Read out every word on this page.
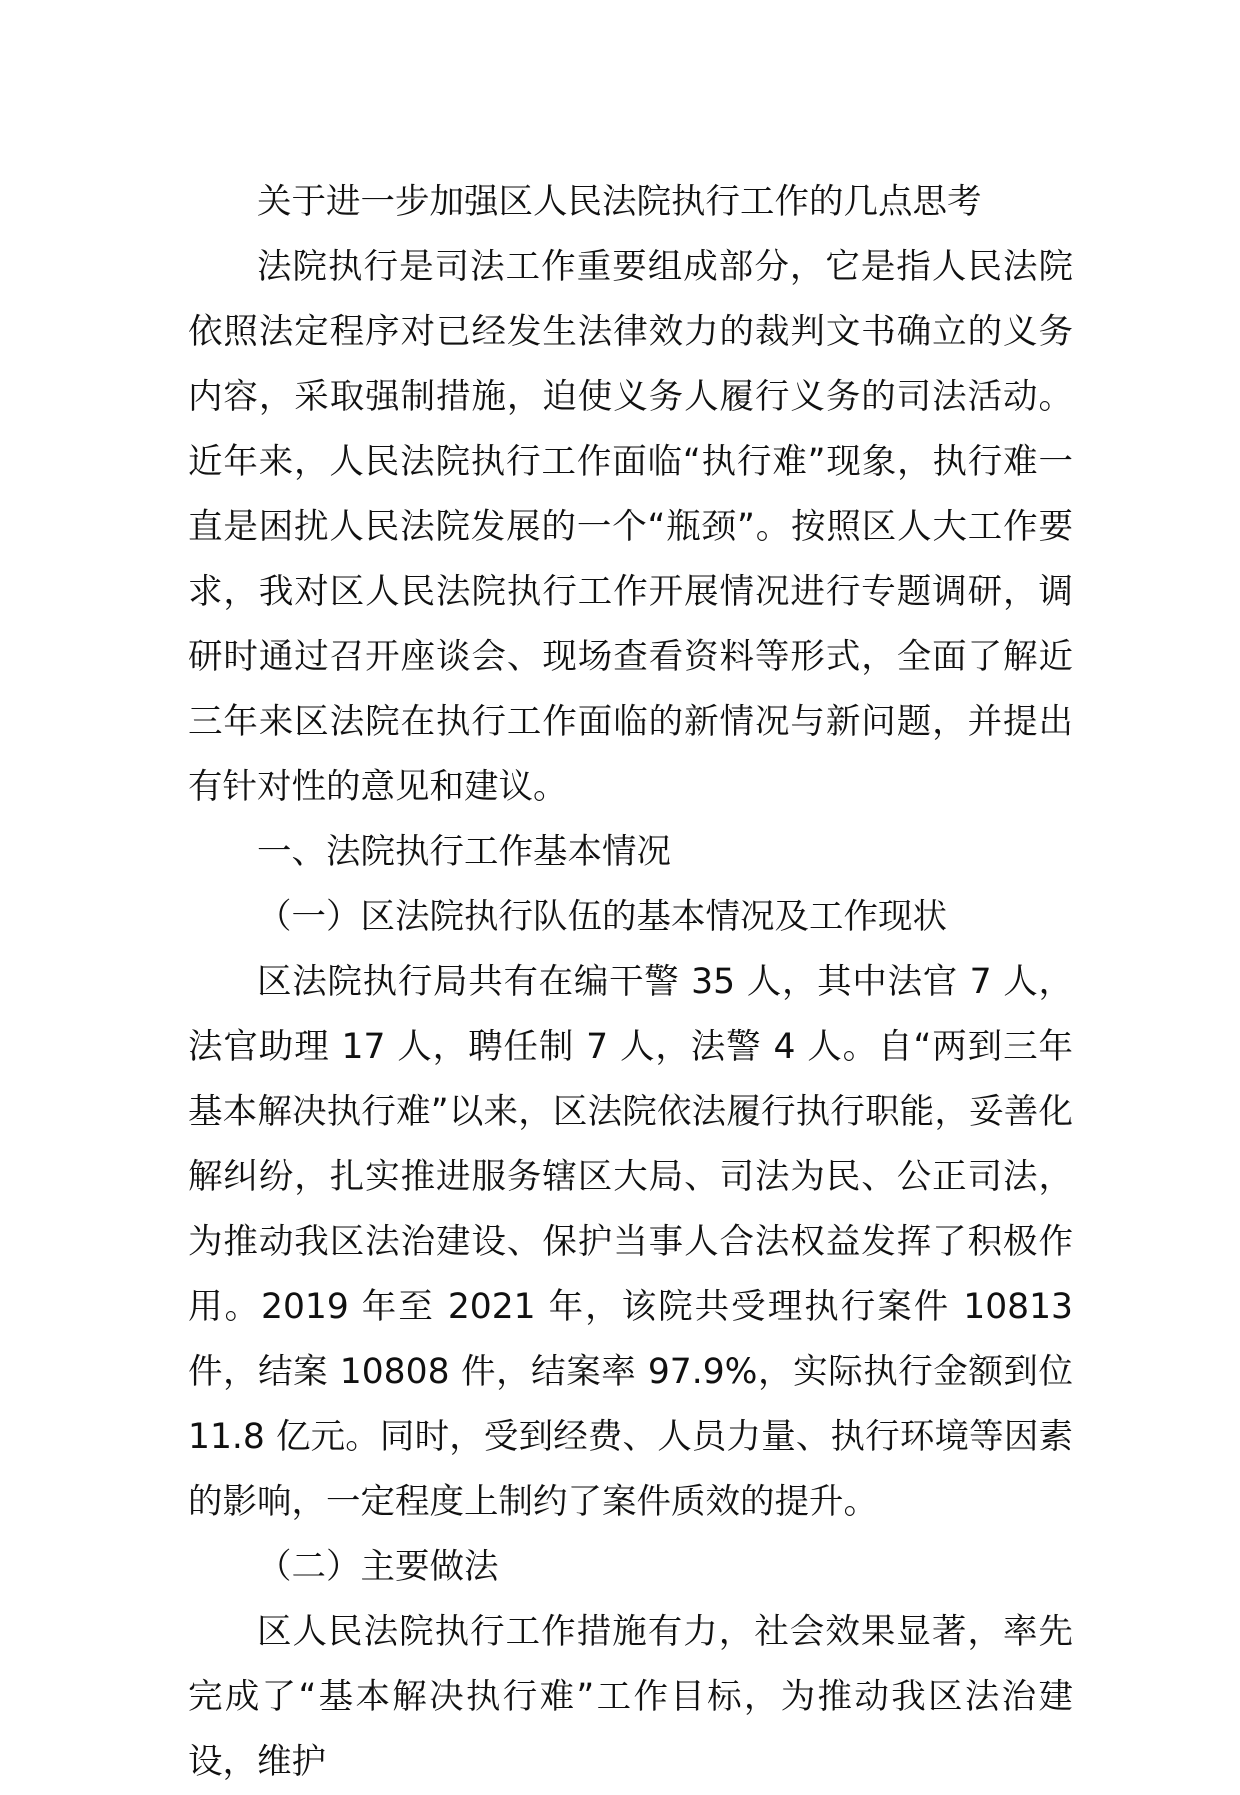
关于进一步加强区人民法院执行工作的几点思考

法院执行是司法工作重要组成部分，它是指人民法院依照法定程序对已经发生法律效力的裁判文书确立的义务内容，采取强制措施，迫使义务人履行义务的司法活动。近年来，人民法院执行工作面临“执行难”现象，执行难一直是困扰人民法院发展的一个“瓶颈”。按照区人大工作要求，我对区人民法院执行工作开展情况进行专题调研，调研时通过召开座谈会、现场查看资料等形式，全面了解近三年来区法院在执行工作面临的新情况与新问题，并提出有针对性的意见和建议。

一、法院执行工作基本情况

（一）区法院执行队伍的基本情况及工作现状

区法院执行局共有在编干警 35 人，其中法官 7 人，法官助理 17 人，聘任制 7 人，法警 4 人。自“两到三年基本解决执行难”以来，区法院依法履行执行职能，妥善化解纠纷，扎实推进服务辖区大局、司法为民、公正司法，为推动我区法治建设、保护当事人合法权益发挥了积极作用。2019 年至 2021 年，该院共受理执行案件 10813 件，结案 10808 件，结案率 97.9%，实际执行金额到位 11.8 亿元。同时，受到经费、人员力量、执行环境等因素的影响，一定程度上制约了案件质效的提升。

（二）主要做法

区人民法院执行工作措施有力，社会效果显著，率先完成了“基本解决执行难”工作目标，为推动我区法治建设，维护
